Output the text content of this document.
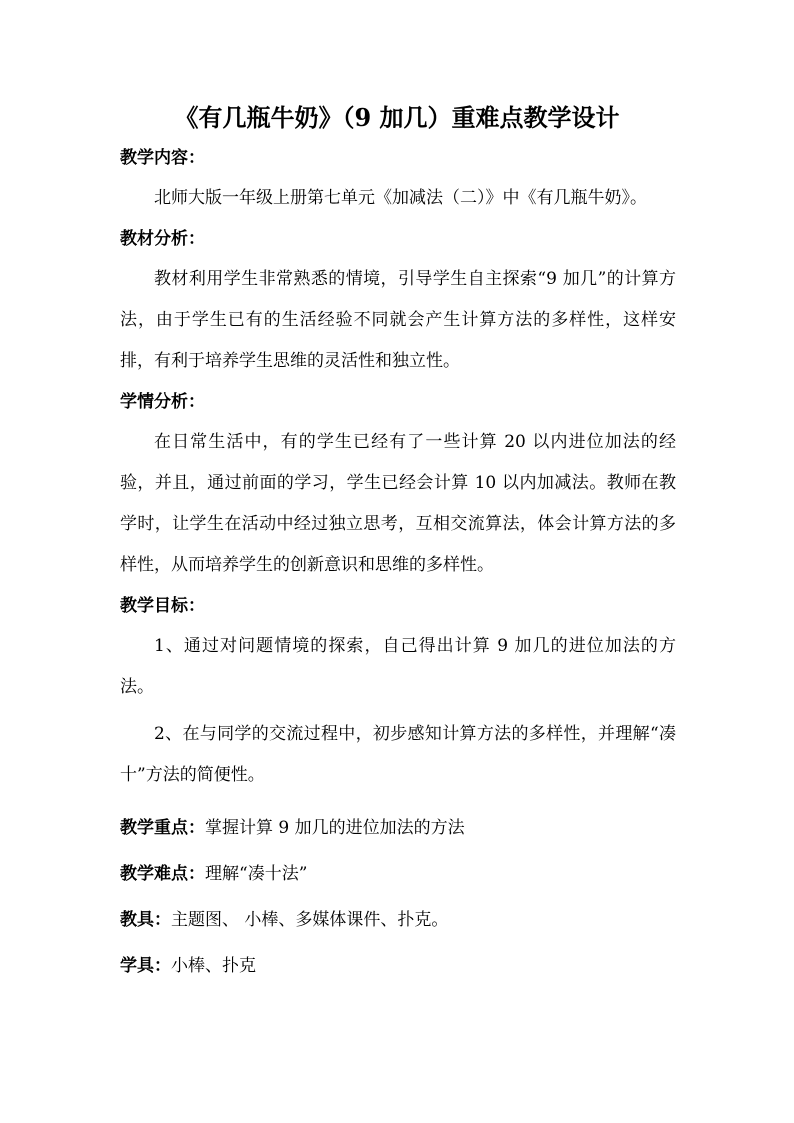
《有几瓶牛奶》（9 加几）重难点教学设计
教学内容：

北师大版一年级上册第七单元《加减法（二）》中《有几瓶牛奶》。

教材分析：

教材利用学生非常熟悉的情境，引导学生自主探索“9 加几”的计算方法，由于学生已有的生活经验不同就会产生计算方法的多样性，这样安排，有利于培养学生思维的灵活性和独立性。

学情分析：

在日常生活中，有的学生已经有了一些计算 20 以内进位加法的经验，并且，通过前面的学习，学生已经会计算 10 以内加减法。教师在教学时，让学生在活动中经过独立思考，互相交流算法，体会计算方法的多样性，从而培养学生的创新意识和思维的多样性。

教学目标：

1、通过对问题情境的探索，自己得出计算 9 加几的进位加法的方法。

2、在与同学的交流过程中，初步感知计算方法的多样性，并理解“凑十”方法的简便性。

教学重点：掌握计算 9 加几的进位加法的方法
教学难点：理解“凑十法”
教具：主题图、 小棒、多媒体课件、扑克。
学具：小棒、扑克
